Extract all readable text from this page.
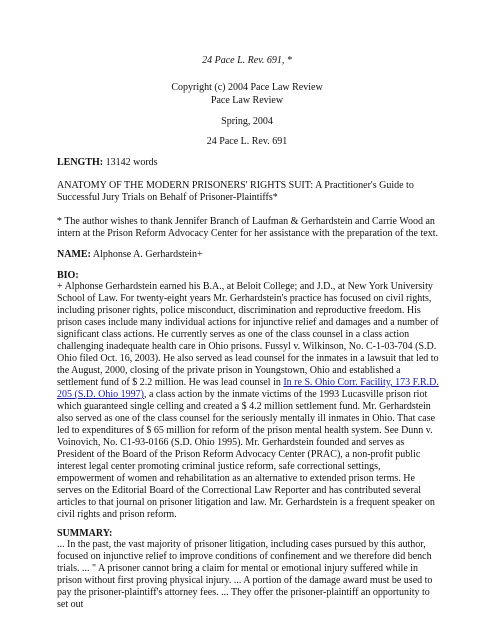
24 Pace L. Rev. 691, *
Copyright (c) 2004 Pace Law Review
Pace Law Review
Spring, 2004
24 Pace L. Rev. 691
LENGTH: 13142 words

ANATOMY OF THE MODERN PRISONERS' RIGHTS SUIT: A Practitioner's Guide to Successful Jury Trials on Behalf of Prisoner-Plaintiffs*

* The author wishes to thank Jennifer Branch of Laufman & Gerhardstein and Carrie Wood an intern at the Prison Reform Advocacy Center for her assistance with the preparation of the text.

NAME: Alphonse A. Gerhardstein+
BIO:

+ Alphonse Gerhardstein earned his B.A., at Beloit College; and J.D., at New York University School of Law. For twenty-eight years Mr. Gerhardstein's practice has focused on civil rights, including prisoner rights, police misconduct, discrimination and reproductive freedom. His prison cases include many individual actions for injunctive relief and damages and a number of significant class actions. He currently serves as one of the class counsel in a class action challenging inadequate health care in Ohio prisons. Fussyl v. Wilkinson, No. C-1-03-704 (S.D. Ohio filed Oct. 16, 2003). He also served as lead counsel for the inmates in a lawsuit that led to the August, 2000, closing of the private prison in Youngstown, Ohio and established a settlement fund of $ 2.2 million. He was lead counsel in In re S. Ohio Corr. Facility, 173 F.R.D. 205 (S.D. Ohio 1997), a class action by the inmate victims of the 1993 Lucasville prison riot which guaranteed single celling and created a $ 4.2 million settlement fund. Mr. Gerhardstein also served as one of the class counsel for the seriously mentally ill inmates in Ohio. That case led to expenditures of $ 65 million for reform of the prison mental health system. See Dunn v. Voinovich, No. C1-93-0166 (S.D. Ohio 1995). Mr. Gerhardstein founded and serves as President of the Board of the Prison Reform Advocacy Center (PRAC), a non-profit public interest legal center promoting criminal justice reform, safe correctional settings, empowerment of women and rehabilitation as an alternative to extended prison terms. He serves on the Editorial Board of the Correctional Law Reporter and has contributed several articles to that journal on prisoner litigation and law. Mr. Gerhardstein is a frequent speaker on civil rights and prison reform.

SUMMARY:

... In the past, the vast majority of prisoner litigation, including cases pursued by this author, focused on injunctive relief to improve conditions of confinement and we therefore did bench trials. ... " A prisoner cannot bring a claim for mental or emotional injury suffered while in prison without first proving physical injury. ... A portion of the damage award must be used to pay the prisoner-plaintiff's attorney fees. ... They offer the prisoner-plaintiff an opportunity to set out
